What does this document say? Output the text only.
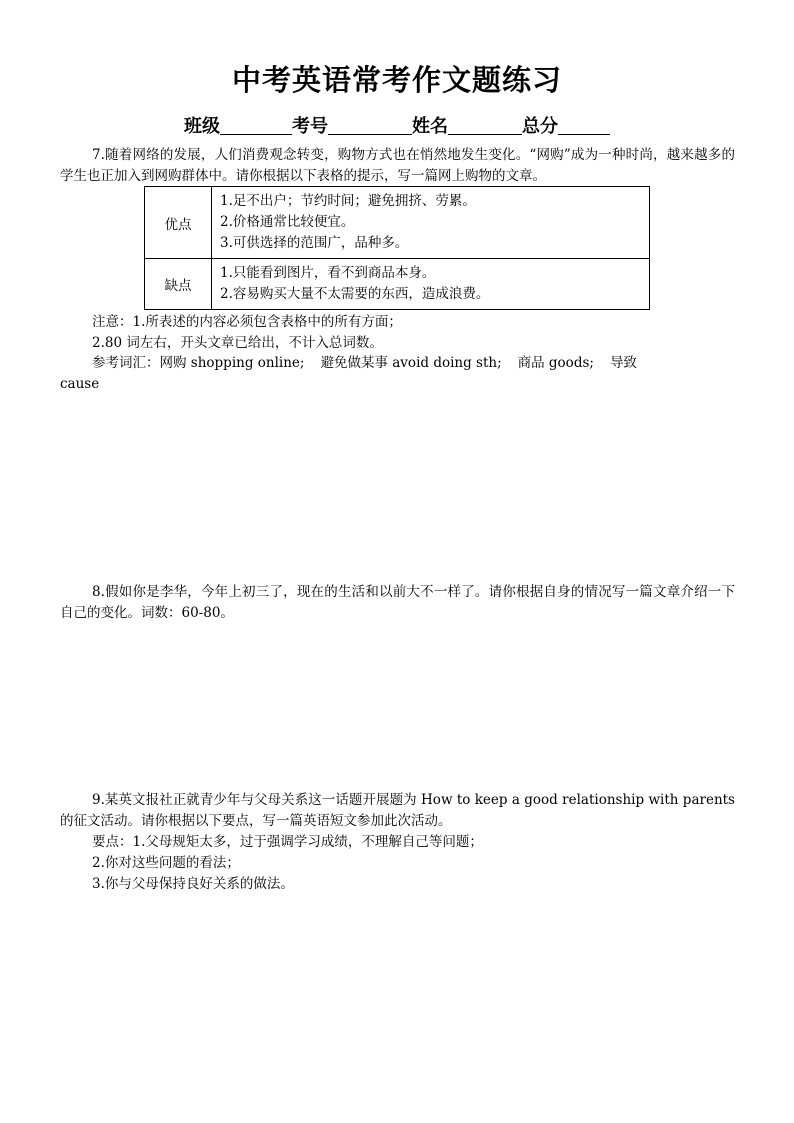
中考英语常考作文题练习
班级	考号	姓名	总分

7.随着网络的发展，人们消费观念转变，购物方式也在悄然地发生变化。“网购”成为一种时尚，越来越多的学生也正加入到网购群体中。请你根据以下表格的提示，写一篇网上购物的文章。

优点	1.足不出户；节约时间；避免拥挤、劳累。
2.价格通常比较便宜。
3.可供选择的范围广，品种多。

缺点	1.只能看到图片，看不到商品本身。
2.容易购买大量不太需要的东西，造成浪费。

注意：1.所表述的内容必须包含表格中的所有方面；

2.80 词左右，开头文章已给出，不计入总词数。

参考词汇：网购 shopping online; 避免做某事 avoid doing sth; 商品 goods; 导致
cause

8.假如你是李华，今年上初三了，现在的生活和以前大不一样了。请你根据自身的情况写一篇文章介绍一下自己的变化。词数：60-80。

9.某英文报社正就青少年与父母关系这一话题开展题为 How to keep a good relationship with parents 的征文活动。请你根据以下要点，写一篇英语短文参加此次活动。

要点：1.父母规矩太多，过于强调学习成绩，不理解自己等问题；

2.你对这些问题的看法；

3.你与父母保持良好关系的做法。
